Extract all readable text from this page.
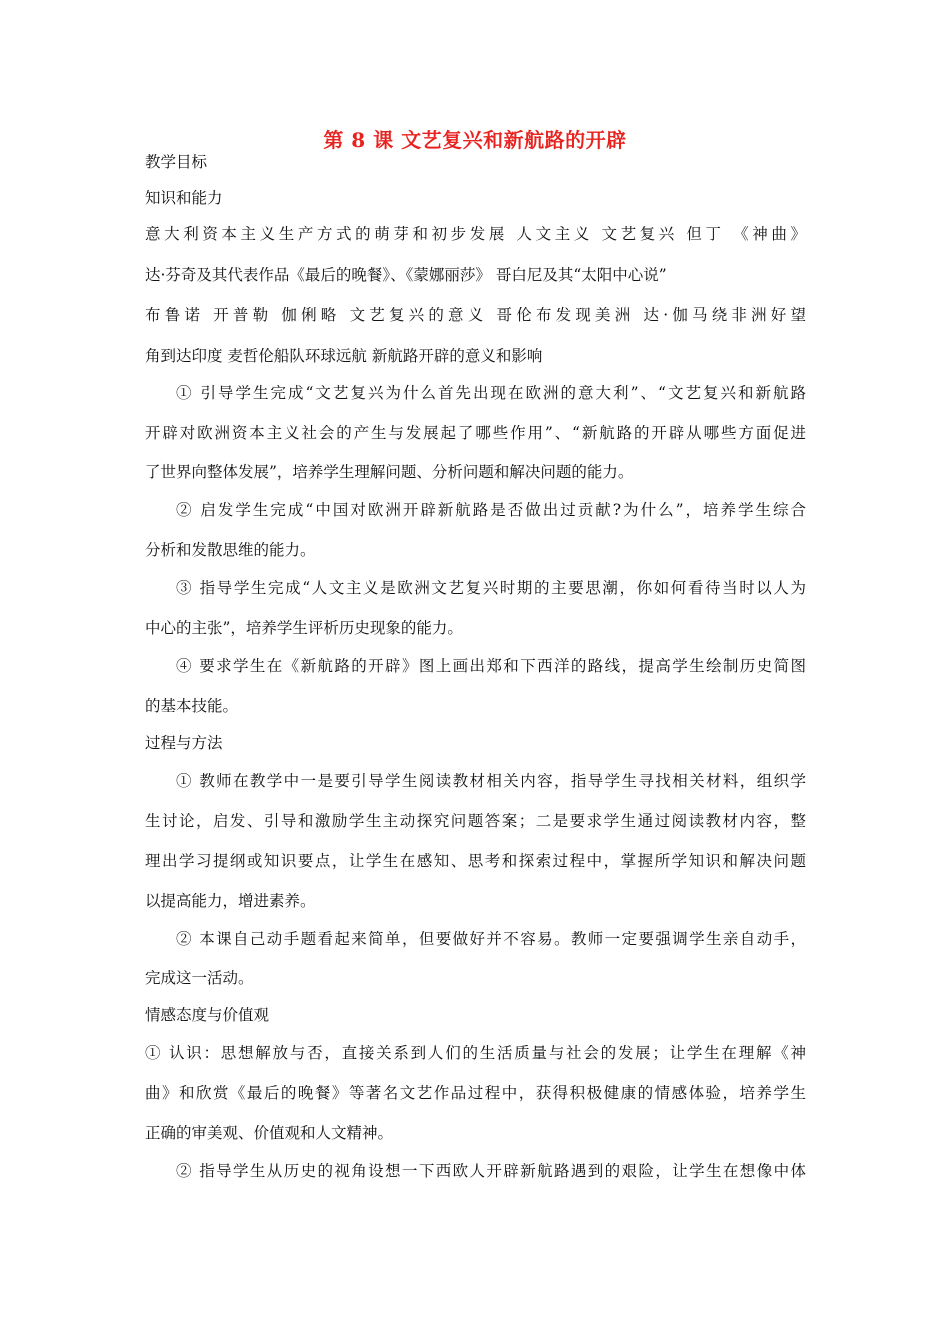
第 8 课 文艺复兴和新航路的开辟
教学目标
知识和能力
意大利资本主义生产方式的萌芽和初步发展 人文主义 文艺复兴 但丁 《神曲》
达·芬奇及其代表作品《最后的晚餐》、《蒙娜丽莎》 哥白尼及其“太阳中心说”
布鲁诺 开普勒 伽俐略 文艺复兴的意义 哥伦布发现美洲 达·伽马绕非洲好望
角到达印度 麦哲伦船队环球远航 新航路开辟的意义和影响
① 引导学生完成“文艺复兴为什么首先出现在欧洲的意大利”、“文艺复兴和新航路
开辟对欧洲资本主义社会的产生与发展起了哪些作用”、“新航路的开辟从哪些方面促进
了世界向整体发展”，培养学生理解问题、分析问题和解决问题的能力。
② 启发学生完成“中国对欧洲开辟新航路是否做出过贡献?为什么”，培养学生综合
分析和发散思维的能力。
③ 指导学生完成“人文主义是欧洲文艺复兴时期的主要思潮，你如何看待当时以人为
中心的主张”，培养学生评析历史现象的能力。
④ 要求学生在《新航路的开辟》图上画出郑和下西洋的路线，提高学生绘制历史简图
的基本技能。
过程与方法
① 教师在教学中一是要引导学生阅读教材相关内容，指导学生寻找相关材料，组织学
生讨论，启发、引导和激励学生主动探究问题答案；二是要求学生通过阅读教材内容，整
理出学习提纲或知识要点，让学生在感知、思考和探索过程中，掌握所学知识和解决问题
以提高能力，增进素养。
② 本课自己动手题看起来简单，但要做好并不容易。教师一定要强调学生亲自动手，
完成这一活动。
情感态度与价值观
① 认识：思想解放与否，直接关系到人们的生活质量与社会的发展；让学生在理解《神
曲》和欣赏《最后的晚餐》等著名文艺作品过程中，获得积极健康的情感体验，培养学生
正确的审美观、价值观和人文精神。
② 指导学生从历史的视角设想一下西欧人开辟新航路遇到的艰险，让学生在想像中体
